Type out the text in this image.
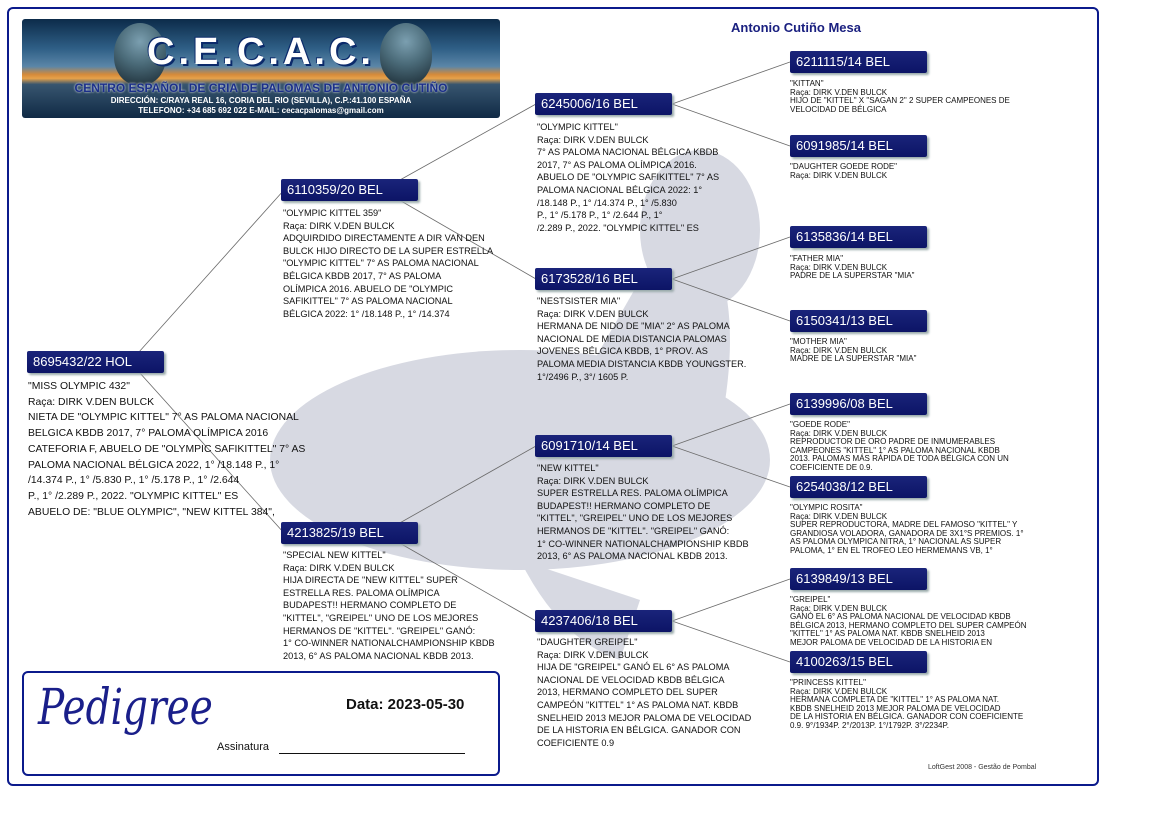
C.E.C.A.C.
CENTRO ESPAÑOL DE CRIA DE PALOMAS DE ANTONIO CUTIÑO
DIRECCIÓN: C/RAYA REAL 16, CORIA DEL RIO (SEVILLA), C.P.:41.100 ESPAÑA
TELEFONO: +34 685 692 022 E-MAIL: cecacpalomas@gmail.com
Antonio Cutiño Mesa
8695432/22 HOL
"MISS OLYMPIC 432"
Raça: DIRK V.DEN BULCK
NIETA DE "OLYMPIC KITTEL" 7° AS PALOMA NACIONAL
BELGICA KBDB 2017, 7° PALOMA OLÍMPICA 2016
CATEFORIA F, ABUELO DE "OLYMPIC SAFIKITTEL" 7° AS
PALOMA NACIONAL BÉLGICA 2022, 1° /18.148 P., 1°
/14.374 P., 1° /5.830 P., 1° /5.178 P., 1° /2.644
P., 1° /2.289 P., 2022. "OLYMPIC KITTEL" ES
ABUELO DE: "BLUE OLYMPIC", "NEW KITTEL 384",
6110359/20 BEL
"OLYMPIC KITTEL 359"
Raça: DIRK V.DEN BULCK
ADQUIRDIDO DIRECTAMENTE A DIR VAN DEN
BULCK HIJO DIRECTO DE LA SUPER ESTRELLA
"OLYMPIC KITTEL" 7° AS PALOMA NACIONAL
BÉLGICA KBDB 2017, 7° AS PALOMA
OLÍMPICA 2016. ABUELO DE "OLYMPIC
SAFIKITTEL" 7° AS PALOMA NACIONAL
BÉLGICA 2022: 1° /18.148 P., 1° /14.374
4213825/19 BEL
"SPECIAL NEW KITTEL"
Raça: DIRK V.DEN BULCK
HIJA DIRECTA DE "NEW KITTEL" SUPER
ESTRELLA RES. PALOMA OLÍMPICA
BUDAPEST!! HERMANO COMPLETO DE
"KITTEL", "GREIPEL" UNO DE LOS MEJORES
HERMANOS DE "KITTEL". "GREIPEL" GANÓ:
1° CO-WINNER NATIONALCHAMPIONSHIP KBDB
2013, 6° AS PALOMA NACIONAL KBDB 2013.
6245006/16 BEL
"OLYMPIC KITTEL"
Raça: DIRK V.DEN BULCK
7° AS PALOMA NACIONAL BÉLGICA KBDB
2017, 7° AS PALOMA OLÍMPICA 2016.
ABUELO DE "OLYMPIC SAFIKITTEL" 7° AS
PALOMA NACIONAL BÉLGICA 2022: 1°
/18.148 P., 1° /14.374 P., 1° /5.830
P., 1° /5.178 P., 1° /2.644 P., 1°
/2.289 P., 2022. "OLYMPIC KITTEL" ES
6173528/16 BEL
"NESTSISTER MIA"
Raça: DIRK V.DEN BULCK
HERMANA DE NIDO DE "MIA" 2° AS PALOMA
NACIONAL DE MEDIA DISTANCIA PALOMAS
JOVENES BÉLGICA KBDB, 1° PROV. AS
PALOMA MEDIA DISTANCIA KBDB YOUNGSTER.
1°/2496 P., 3°/ 1605 P.
6091710/14 BEL
"NEW KITTEL"
Raça: DIRK V.DEN BULCK
SUPER ESTRELLA RES. PALOMA OLÍMPICA
BUDAPEST!! HERMANO COMPLETO DE
"KITTEL", "GREIPEL" UNO DE LOS MEJORES
HERMANOS DE "KITTEL". "GREIPEL" GANÓ:
1° CO-WINNER NATIONALCHAMPIONSHIP KBDB
2013, 6° AS PALOMA NACIONAL KBDB 2013.
4237406/18 BEL
"DAUGHTER GREIPEL"
Raça: DIRK V.DEN BULCK
HIJA DE "GREIPEL" GANÓ EL 6° AS PALOMA
NACIONAL DE VELOCIDAD KBDB BÉLGICA
2013, HERMANO COMPLETO DEL SUPER
CAMPEÓN "KITTEL" 1° AS PALOMA NAT. KBDB
SNELHEID 2013 MEJOR PALOMA DE VELOCIDAD
DE LA HISTORIA EN BÉLGICA. GANADOR CON
COEFICIENTE 0.9
6211115/14 BEL
"KITTAN"
Raça: DIRK V.DEN BULCK
HIJO DE "KITTEL" X "SAGAN 2" 2 SUPER CAMPEONES DE
VELOCIDAD DE BÉLGICA
6091985/14 BEL
"DAUGHTER GOEDE RODE"
Raça: DIRK V.DEN BULCK
6135836/14 BEL
"FATHER MIA"
Raça: DIRK V.DEN BULCK
PADRE DE LA SUPERSTAR "MIA"
6150341/13 BEL
"MOTHER MIA"
Raça: DIRK V.DEN BULCK
MADRE DE LA SUPERSTAR "MIA"
6139996/08 BEL
"GOEDE RODE"
Raça: DIRK V.DEN BULCK
REPRODUCTOR DE ORO PADRE DE INMUMERABLES
CAMPEONES "KITTEL" 1° AS PALOMA NACIONAL KBDB
2013. PALOMAS MÁS RÁPIDA DE TODA BÉLGICA CON UN
COEFICIENTE DE 0.9.
6254038/12 BEL
"OLYMPIC ROSITA"
Raça: DIRK V.DEN BULCK
SUPER REPRODUCTORA, MADRE DEL FAMOSO "KITTEL" Y
GRANDIOSA VOLADORA, GANADORA DE 3X1°S PREMIOS. 1°
AS PALOMA OLYMPICA NITRA, 1° NACIONAL AS SUPER
PALOMA, 1° EN EL TROFEO LEO HERMEMANS VB, 1°
6139849/13 BEL
"GREIPEL"
Raça: DIRK V.DEN BULCK
GANÓ EL 6° AS PALOMA NACIONAL DE VELOCIDAD KBDB
BÉLGICA 2013, HERMANO COMPLETO DEL SUPER CAMPEÓN
"KITTEL" 1° AS PALOMA NAT. KBDB SNELHEID 2013
MEJOR PALOMA DE VELOCIDAD DE LA HISTORIA EN
4100263/15 BEL
"PRINCESS KITTEL"
Raça: DIRK V.DEN BULCK
HERMANA COMPLETA DE "KITTEL" 1° AS PALOMA NAT.
KBDB SNELHEID 2013 MEJOR PALOMA DE VELOCIDAD
DE LA HISTORIA EN BÉLGICA. GANADOR CON COEFICIENTE
0.9. 9°/1934P. 2°/2013P. 1°/1792P. 3°/2234P.
Pedigree	Data: 2023-05-30
Assinatura
LoftGest 2008 - Gestão de Pombal
